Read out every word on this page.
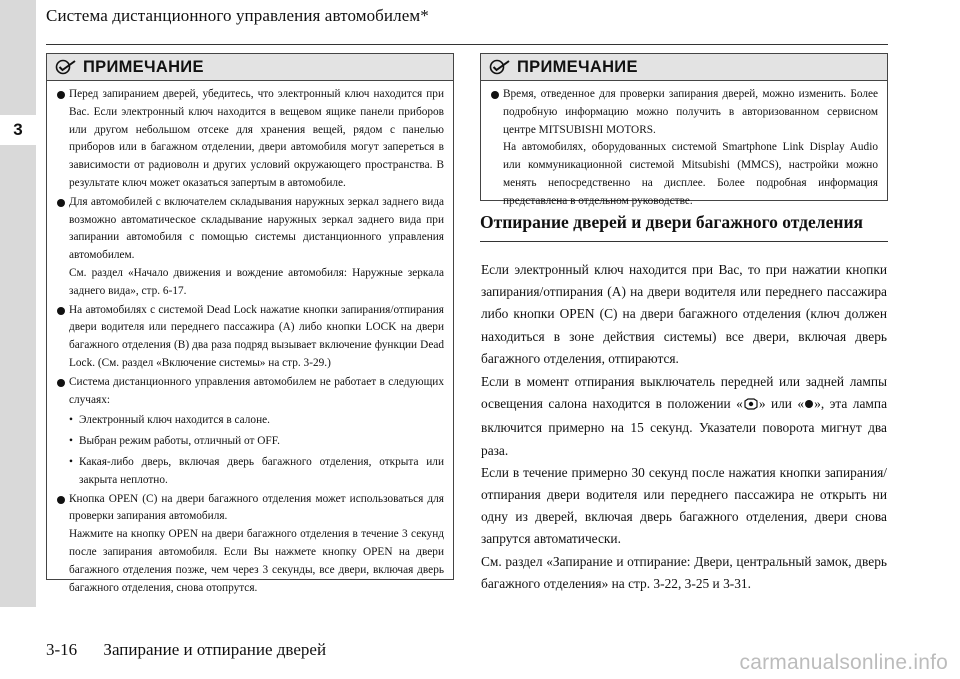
3
Система дистанционного управления автомобилем*
ПРИМЕЧАНИЕ
Перед запиранием дверей, убедитесь, что электронный ключ находится при Вас. Если электронный ключ находится в вещевом ящике панели приборов или другом небольшом отсеке для хранения вещей, рядом с панелью приборов или в багажном отделении, двери автомобиля могут запереться в зависимости от радиоволн и других условий окружающего пространства. В результате ключ может оказаться запертым в автомобиле.
Для автомобилей с включателем складывания наружных зеркал заднего вида возможно автоматическое складывание наружных зеркал заднего вида при запирании автомобиля с помощью системы дистанционного управления автомобилем.
См. раздел «Начало движения и вождение автомобиля: Наружные зеркала заднего вида», стр. 6-17.
На автомобилях с системой Dead Lock нажатие кнопки запирания/отпирания двери водителя или переднего пассажира (A) либо кнопки LOCK на двери багажного отделения (B) два раза подряд вызывает включение функции Dead Lock. (См. раздел «Включение системы» на стр. 3-29.)
Система дистанционного управления автомобилем не работает в следующих случаях:
• Электронный ключ находится в салоне.
• Выбран режим работы, отличный от OFF.
• Какая-либо дверь, включая дверь багажного отделения, открыта или закрыта неплотно.
Кнопка OPEN (C) на двери багажного отделения может использоваться для проверки запирания автомобиля.
Нажмите на кнопку OPEN на двери багажного отделения в течение 3 секунд после запирания автомобиля. Если Вы нажмете кнопку OPEN на двери багажного отделения позже, чем через 3 секунды, все двери, включая дверь багажного отделения, снова отопрутся.
ПРИМЕЧАНИЕ
Время, отведенное для проверки запирания дверей, можно изменить. Более подробную информацию можно получить в авторизованном сервисном центре MITSUBISHI MOTORS.
На автомобилях, оборудованных системой Smartphone Link Display Audio или коммуникационной системой Mitsubishi (MMCS), настройки можно менять непосредственно на дисплее. Более подробная информация представлена в отдельном руководстве.
Отпирание дверей и двери багажного отделения

Если электронный ключ находится при Вас, то при нажатии кнопки запирания/отпирания (A) на двери водителя или переднего пассажира либо кнопки OPEN (C) на двери багажного отделения (ключ должен находиться в зоне действия системы) все двери, включая дверь багажного отделения, отпираются.

Если в момент отпирания выключатель передней или задней лампы освещения салона находится в положении « » или « », эта лампа включится примерно на 15 секунд. Указатели поворота мигнут два раза.

Если в течение примерно 30 секунд после нажатия кнопки запирания/отпирания двери водителя или переднего пассажира не открыть ни одну из дверей, включая дверь багажного отделения, двери снова запрутся автоматически.

См. раздел «Запирание и отпирание: Двери, центральный замок, дверь багажного отделения» на стр. 3-22, 3-25 и 3-31.

3-16 Запирание и отпирание дверей
carmanualsonline.info
